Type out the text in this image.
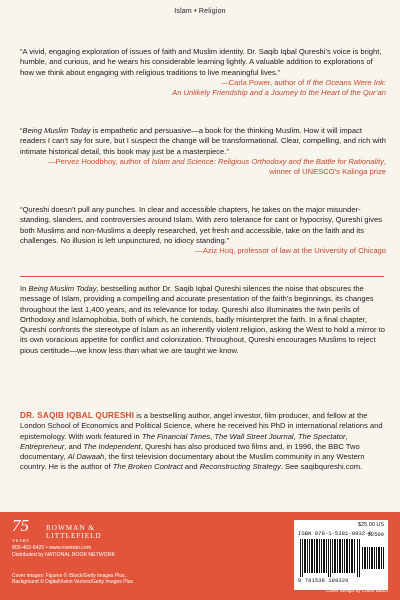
Islam • Religion
“A vivid, engaging exploration of issues of faith and Muslim identity. Dr. Saqib Iqbal Qureshi’s voice is bright, humble, and curious, and he wears his considerable learning lightly. A valuable addition to explorations of how we think about engaging with religious traditions to live meaningful lives.”
—Carla Power, author of If the Oceans Were Ink:
An Unlikely Friendship and a Journey to the Heart of the Qur’an
“Being Muslim Today is empathetic and persuasive—a book for the thinking Muslim. How it will impact readers I can’t say for sure, but I suspect the change will be transformational. Clear, compelling, and rich with intimate historical detail, this book may just be a masterpiece.”
—Pervez Hoodbhoy, author of Islam and Science: Religious Orthodoxy and the Battle for Rationality,
winner of UNESCO’s Kalinga prize
“Qureshi doesn’t pull any punches. In clear and accessible chapters, he takes on the major misunderstanding, slanders, and controversies around Islam. With zero tolerance for cant or hypocrisy, Qureshi gives both Muslims and non-Muslims a deeply researched, yet fresh and accessible, take on the faith and its challenges. No illusion is left unpunctured, no idiocy standing.”
—Aziz Huq, professor of law at the University of Chicago
In Being Muslim Today, bestselling author Dr. Saqib Iqbal Qureshi silences the noise that obscures the message of Islam, providing a compelling and accurate presentation of the faith’s beginnings, its changes throughout the last 1,400 years, and its relevance for today. Qureshi also illuminates the twin perils of Orthodoxy and Islamophobia, both of which, he contends, badly misinterpret the faith. In a final chapter, Qureshi confronts the stereotype of Islam as an inherently violent religion, asking the West to hold a mirror to its own voracious appetite for conflict and colonization. Throughout, Qureshi encourages Muslims to reject pious certitude—we know less than what we are taught we know.
DR. SAQIB IQBAL QURESHI is a bestselling author, angel investor, film producer, and fellow at the London School of Economics and Political Science, where he received his PhD in international relations and epistemology. With work featured in The Financial Times, The Wall Street Journal, The Spectator, Entrepreneur, and The Independent, Qureshi has also produced two films and, in 1996, the BBC Two documentary, Al Dawaah, the first television documentary about the Muslim community in any Western country. He is the author of The Broken Contract and Reconstructing Strategy. See saqibqureshi.com.
75
YEARS
ROWMAN &
LITTLEFIELD
800-462-6420 • www.rowman.com
Distributed by NATIONAL BOOK NETWORK
Cover images: Figures © iStock/Getty Images Plus,
Background © DigitalVision Vectors/Getty Images Plus
$25.00 US
ISBN 978-1-5381-8932-0
52500
9 781538 189320
Cover design by Chloe Batch
